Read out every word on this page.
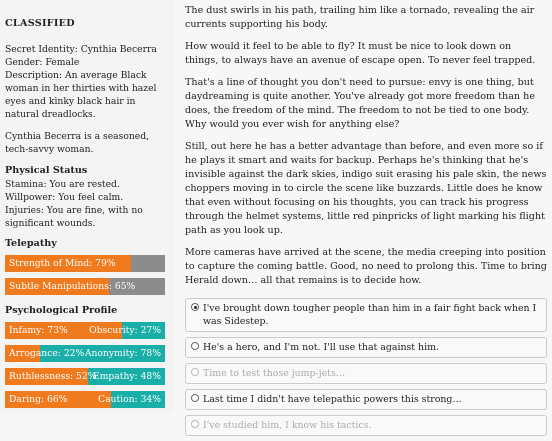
CLASSIFIED
Secret Identity: Cynthia Becerra
Gender: Female
Description: An average Black woman in her thirties with hazel eyes and kinky black hair in natural dreadlocks.
Cynthia Becerra is a seasoned, tech-savvy woman.
Physical Status
Stamina: You are rested.
Willpower: You feel calm.
Injuries: You are fine, with no significant wounds.
Telepathy
Strength of Mind: 79%
Subtle Manipulations: 65%
Psychological Profile
Infamy: 73% Obscurity: 27%
Arrogance: 22% Anonymity: 78%
Ruthlessness: 52%
Empathy: 48%
Daring: 66%	Caution: 34%

The dust swirls in his path, trailing him like a tornado, revealing the air currents supporting his body.

How would it feel to be able to fly? It must be nice to look down on things, to always have an avenue of escape open. To never feel trapped.

That's a line of thought you don't need to pursue: envy is one thing, but daydreaming is quite another. You've already got more freedom than he does, the freedom of the mind. The freedom to not be tied to one body. Why would you ever wish for anything else?

Still, out here he has a better advantage than before, and even more so if he plays it smart and waits for backup. Perhaps he's thinking that he's invisible against the dark skies, indigo suit erasing his pale skin, the news choppers moving in to circle the scene like buzzards. Little does he know that even without focusing on his thoughts, you can track his progress through the helmet systems, little red pinpricks of light marking his flight path as you look up.

More cameras have arrived at the scene, the media creeping into position to capture the coming battle. Good, no need to prolong this. Time to bring Herald down… all that remains is to decide how.

I've brought down tougher people than him in a fair fight back when I was Sidestep.
He's a hero, and I'm not. I'll use that against him.
Time to test those jump-jets…
Last time I didn't have telepathic powers this strong…
I've studied him, I know his tactics.
